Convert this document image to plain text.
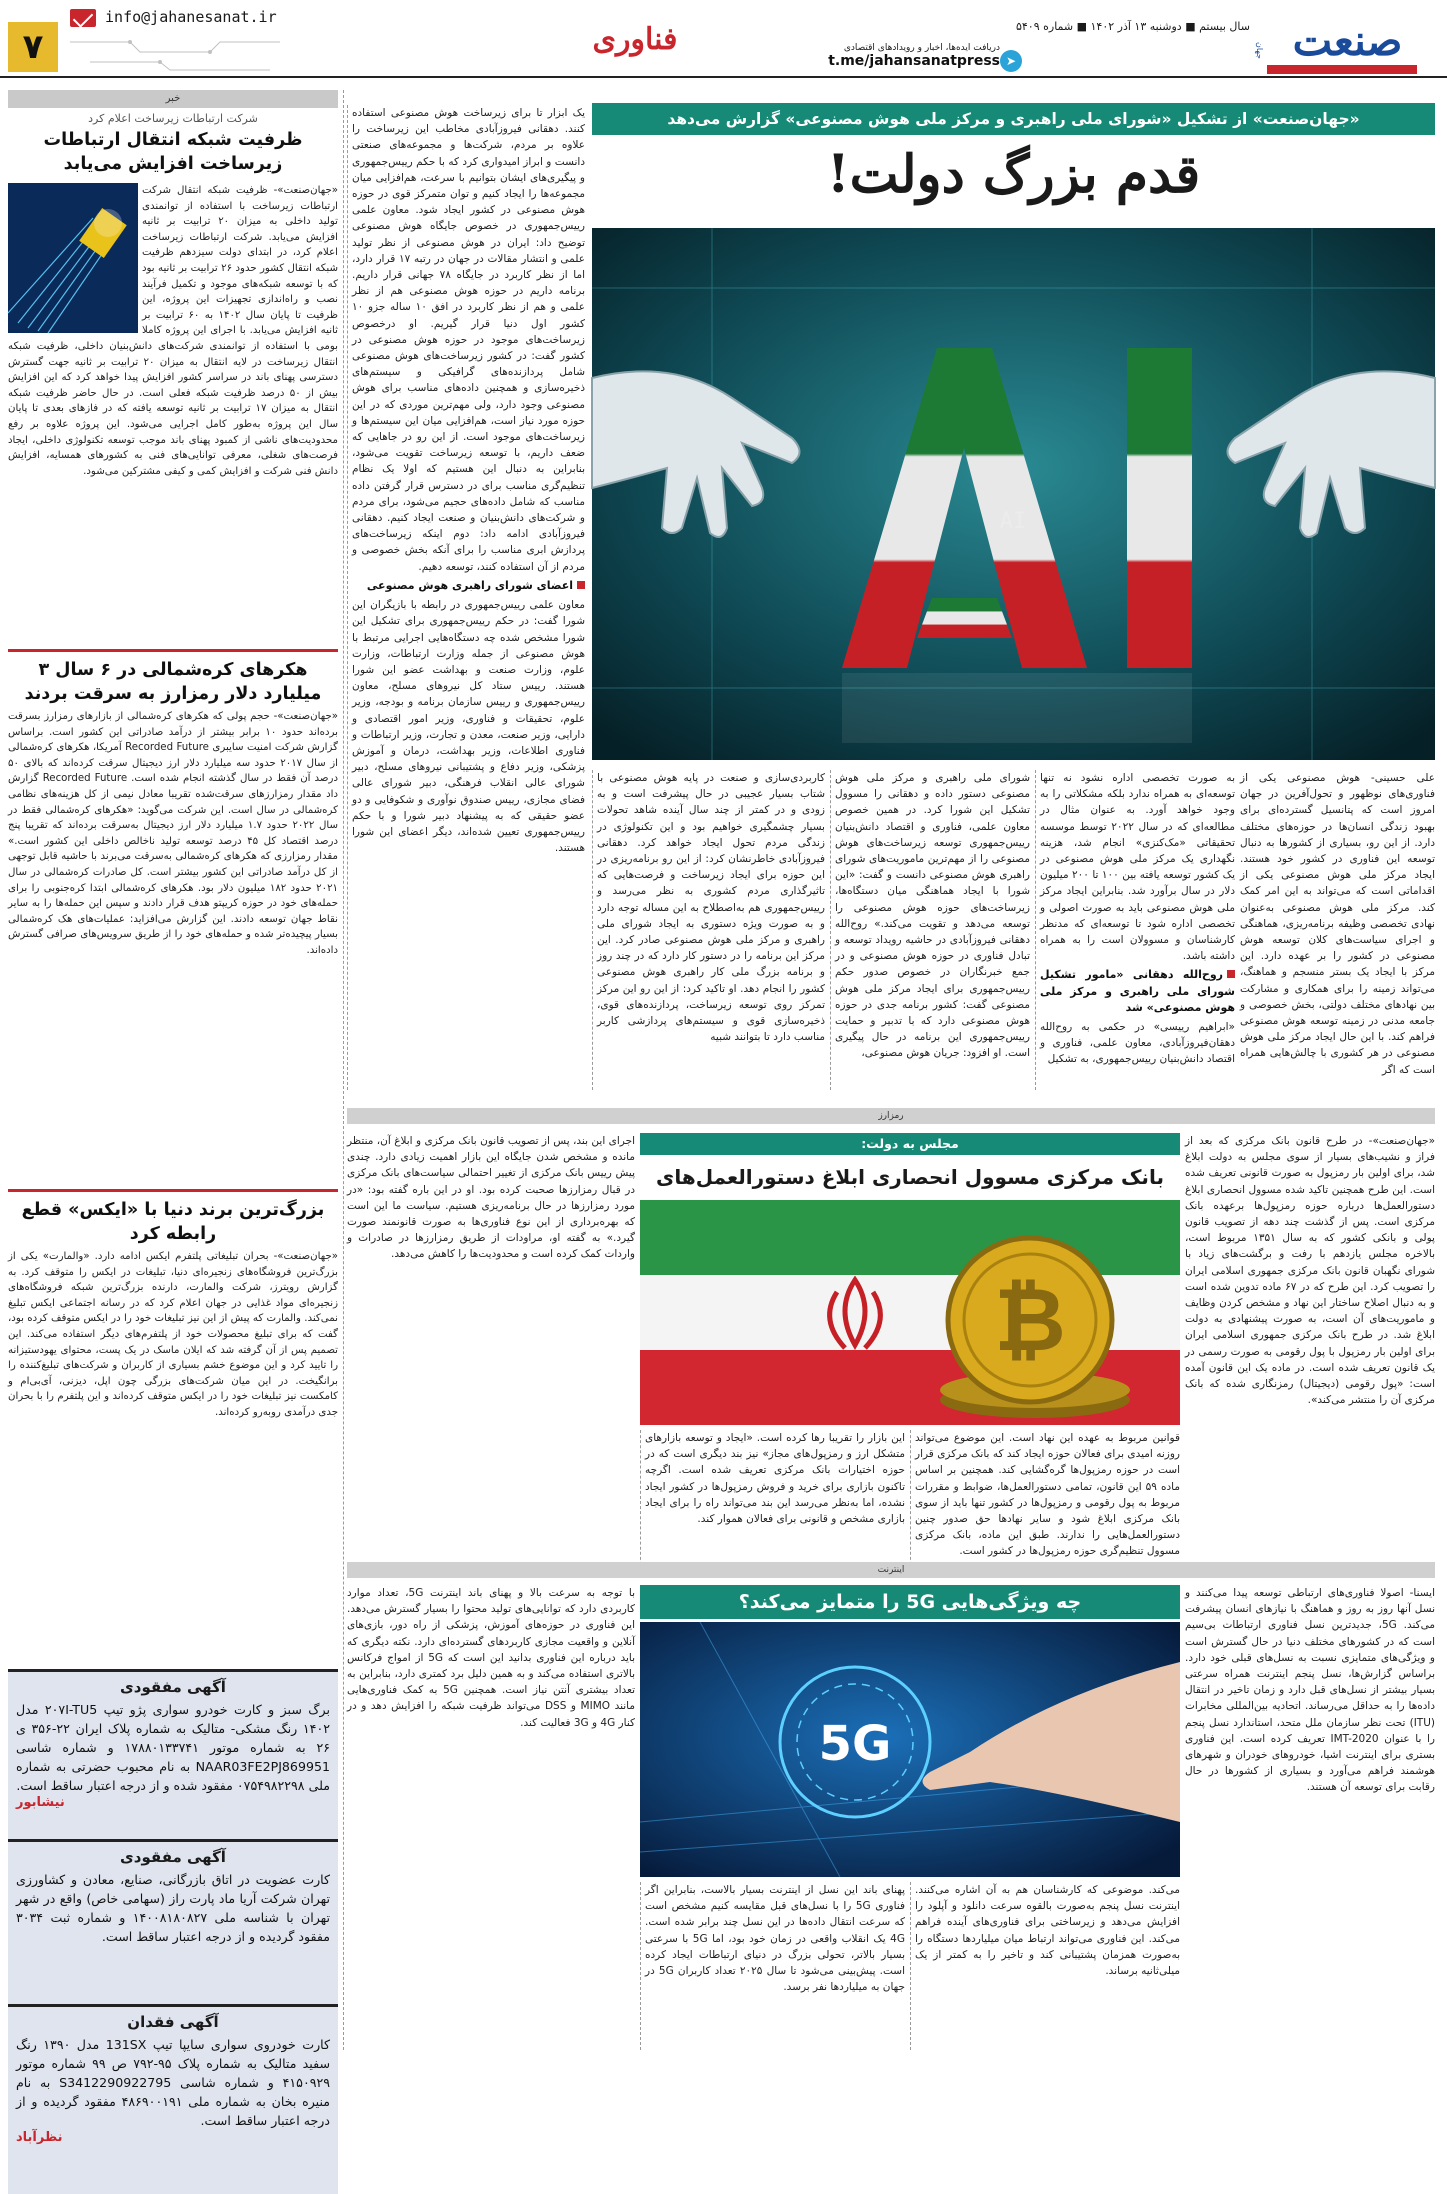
۷
info@jahanesanat.ir
فناوری	دریافت ایده‌ها، اخبار و رویدادهای اقتصادی
t.me/jahansanatpress ➤
سال بیستم ■ دوشنبه ۱۳ آذر ۱۴۰۲ ■ شماره ۵۴۰۹	صنعت
جهان
«جهان‌صنعت» از تشکیل «شورای ملی راهبری و مرکز ملی هوش مصنوعی» گزارش می‌دهد
قدم بزرگ دولت!
AI

علی حسینی- هوش مصنوعی یکی از فناوری‌های نوظهور و تحول‌آفرین در جهان امروز است که پتانسیل گسترده‌ای برای بهبود زندگی انسان‌ها در حوزه‌های مختلف دارد. از این رو، بسیاری از کشورها به دنبال توسعه این فناوری در کشور خود هستند. ایجاد مرکز ملی هوش مصنوعی یکی از اقداماتی است که می‌تواند به این امر کمک کند. مرکز ملی هوش مصنوعی به‌عنوان نهادی تخصصی وظیفه برنامه‌ریزی، هماهنگی و اجرای سیاست‌های کلان توسعه هوش مصنوعی در کشور را بر عهده دارد. این مرکز با ایجاد یک بستر منسجم و هماهنگ، می‌تواند زمینه را برای همکاری و مشارکت بین نهادهای مختلف دولتی، بخش خصوصی و جامعه مدنی در زمینه توسعه هوش مصنوعی فراهم کند. با این حال ایجاد مرکز ملی هوش مصنوعی در هر کشوری با چالش‌هایی همراه است که اگر

به صورت تخصصی اداره نشود نه تنها توسعه‌ای به همراه ندارد بلکه مشکلاتی را به وجود خواهد آورد. به عنوان مثال در مطالعه‌ای که در سال ۲۰۲۲ توسط موسسه تحقیقاتی «مک‌کنزی» انجام شد، هزینه نگهداری یک مرکز ملی هوش مصنوعی در یک کشور توسعه یافته بین ۱۰۰ تا ۲۰۰ میلیون دلار در سال برآورد شد. بنابراین ایجاد مرکز ملی هوش مصنوعی باید به صورت اصولی و تخصصی اداره شود تا توسعه‌ای که مدنظر کارشناسان و مسوولان است را به همراه داشته باشد.

روح‌الله دهقانی «مامور تشکیل شورای ملی راهبری و مرکز ملی هوش مصنوعی» شد

«ابراهیم رییسی» در حکمی به روح‌الله دهقان‌فیروزآبادی، معاون علمی، فناوری و اقتصاد دانش‌بنیان رییس‌جمهوری، به تشکیل

شورای ملی راهبری و مرکز ملی هوش مصنوعی دستور داده و دهقانی را مسوول تشکیل این شورا کرد. در همین خصوص معاون علمی، فناوری و اقتصاد دانش‌بنیان رییس‌جمهوری توسعه زیرساخت‌های هوش مصنوعی را از مهم‌ترین ماموریت‌های شورای راهبری هوش مصنوعی دانست و گفت: «این شورا با ایجاد هماهنگی میان دستگاه‌ها، زیرساخت‌های حوزه هوش مصنوعی را توسعه می‌دهد و تقویت می‌کند.» روح‌الله دهقانی فیروزآبادی در حاشیه رویداد توسعه و تبادل فناوری در حوزه هوش مصنوعی و در جمع خبرنگاران در خصوص صدور حکم رییس‌جمهوری برای ایجاد مرکز ملی هوش مصنوعی گفت: کشور برنامه جدی در حوزه هوش مصنوعی دارد که با تدبیر و حمایت رییس‌جمهوری این برنامه در حال پیگیری است. او افزود: جریان هوش مصنوعی،

کاربردی‌سازی و صنعت در پایه هوش مصنوعی با شتاب بسیار عجیبی در حال پیشرفت است و به زودی و در کمتر از چند سال آینده شاهد تحولات بسیار چشمگیری خواهیم بود و این تکنولوژی در زندگی مردم تحول ایجاد خواهد کرد. دهقانی فیروزآبادی خاطرنشان کرد: از این رو برنامه‌ریزی در این حوزه برای ایجاد زیرساخت و فرصت‌هایی که تاثیرگذاری مردم کشوری به نظر می‌رسد و رییس‌جمهوری هم به‌اصطلاح به این مساله توجه دارد و به صورت ویژه دستوری به ایجاد شورای ملی راهبری و مرکز ملی هوش مصنوعی صادر کرد. این مرکز این برنامه را در دستور کار دارد که در چند روز و برنامه بزرگ ملی کار راهبری هوش مصنوعی کشور را انجام دهد. او تاکید کرد: از این رو این مرکز تمرکز روی توسعه زیرساخت، پردازنده‌های قوی، ذخیره‌سازی قوی و سیستم‌های پردازشی کاربر مناسب دارد تا بتوانند شبیه

یک ابزار تا برای زیرساخت هوش مصنوعی استفاده کنند. دهقانی فیروزآبادی مخاطب این زیرساخت را علاوه بر مردم، شرکت‌ها و مجموعه‌های صنعتی دانست و ابراز امیدواری کرد که با حکم رییس‌جمهوری و پیگیری‌های ایشان بتوانیم با سرعت، هم‌افزایی میان مجموعه‌ها را ایجاد کنیم و توان متمرکز قوی در حوزه هوش مصنوعی در کشور ایجاد شود. معاون علمی رییس‌جمهوری در خصوص جایگاه هوش مصنوعی توضیح داد: ایران در هوش مصنوعی از نظر تولید علمی و انتشار مقالات در جهان در رتبه ۱۷ قرار دارد، اما از نظر کاربرد در جایگاه ۷۸ جهانی قرار داریم. برنامه داریم در حوزه هوش مصنوعی هم از نظر علمی و هم از نظر کاربرد در افق ۱۰ ساله جزو ۱۰ کشور اول دنیا قرار گیریم. او درخصوص زیرساخت‌های موجود در حوزه هوش مصنوعی در کشور گفت: در کشور زیرساخت‌های هوش مصنوعی شامل پردازنده‌های گرافیکی و سیستم‌های ذخیره‌سازی و همچنین داده‌های مناسب برای هوش مصنوعی وجود دارد، ولی مهم‌ترین موردی که در این حوزه مورد نیاز است، هم‌افزایی میان این سیستم‌ها و زیرساخت‌های موجود است. از این رو در جاهایی که ضعف داریم، با توسعه زیرساخت تقویت می‌شود، بنابراین به دنبال این هستیم که اولا یک نظام تنظیم‌گری مناسب برای در دسترس قرار گرفتن داده مناسب که شامل داده‌های حجیم می‌شود، برای مردم و شرکت‌های دانش‌بنیان و صنعت ایجاد کنیم. دهقانی فیروزآبادی ادامه داد: دوم اینکه زیرساخت‌های پردازش ابری مناسب را برای آنکه بخش خصوصی و مردم از آن استفاده کنند، توسعه دهیم.

اعضای شورای راهبری هوش مصنوعی

معاون علمی رییس‌جمهوری در رابطه با بازیگران این شورا گفت: در حکم رییس‌جمهوری برای تشکیل این شورا مشخص شده چه دستگاه‌هایی اجرایی مرتبط با هوش مصنوعی از جمله وزارت ارتباطات، وزارت علوم، وزارت صنعت و بهداشت عضو این شورا هستند. رییس ستاد کل نیروهای مسلح، معاون رییس‌جمهوری و رییس سازمان برنامه و بودجه، وزیر علوم، تحقیقات و فناوری، وزیر امور اقتصادی و دارایی، وزیر صنعت، معدن و تجارت، وزیر ارتباطات و فناوری اطلاعات، وزیر بهداشت، درمان و آموزش پزشکی، وزیر دفاع و پشتیبانی نیروهای مسلح، دبیر شورای عالی انقلاب فرهنگی، دبیر شورای عالی فضای مجازی، رییس صندوق نوآوری و شکوفایی و دو عضو حقیقی که به پیشنهاد دبیر شورا و با حکم رییس‌جمهوری تعیین شده‌اند، دیگر اعضای این شورا هستند.

خبر
شرکت ارتباطات زیرساخت اعلام کرد
ظرفیت شبکه انتقال ارتباطات زیرساخت افزایش می‌یابد

«جهان‌صنعت»- ظرفیت شبکه انتقال شرکت ارتباطات زیرساخت با استفاده از توانمندی تولید داخلی به میزان ۲۰ ترابیت بر ثانیه افزایش می‌یابد. شرکت ارتباطات زیرساخت اعلام کرد، در ابتدای دولت سیزدهم ظرفیت شبکه انتقال کشور حدود ۲۶ ترابیت بر ثانیه بود که با توسعه شبکه‌های موجود و تکمیل فرآیند نصب و راه‌اندازی تجهیزات این پروژه، این ظرفیت تا پایان سال ۱۴۰۲ به ۶۰ ترابیت بر ثانیه افزایش می‌یابد. با اجرای این پروژه کاملا بومی با استفاده از توانمندی شرکت‌های دانش‌بنیان داخلی، ظرفیت شبکه انتقال زیرساخت در لایه انتقال به میزان ۲۰ ترابیت بر ثانیه جهت گسترش دسترسی پهنای باند در سراسر کشور افزایش پیدا خواهد کرد که این افزایش بیش از ۵۰ درصد ظرفیت شبکه فعلی است. در حال حاضر ظرفیت شبکه انتقال به میزان ۱۷ ترابیت بر ثانیه توسعه یافته که در فازهای بعدی تا پایان سال این پروژه به‌طور کامل اجرایی می‌شود. این پروژه علاوه بر رفع محدودیت‌های ناشی از کمبود پهنای باند موجب توسعه تکنولوژی داخلی، ایجاد فرصت‌های شغلی، معرفی توانایی‌های فنی به کشورهای همسایه، افزایش دانش فنی شرکت و افزایش کمی و کیفی مشترکین می‌شود.

هکرهای کره‌شمالی در ۶ سال ۳ میلیارد دلار رمزارز به سرقت بردند

«جهان‌صنعت»- حجم پولی که هکرهای کره‌شمالی از بازارهای رمزارز بسرقت برده‌اند حدود ۱۰ برابر بیشتر از درآمد صادراتی این کشور است. براساس گزارش شرکت امنیت سایبری Recorded Future آمریکا، هکرهای کره‌شمالی از سال ۲۰۱۷ حدود سه میلیارد دلار ارز دیجیتال سرقت کرده‌اند که بالای ۵۰ درصد آن فقط در سال گذشته انجام شده است. Recorded Future گزارش داد مقدار رمزارزهای سرقت‌شده تقریبا معادل نیمی از کل هزینه‌های نظامی کره‌شمالی در سال است. این شرکت می‌گوید: «هکرهای کره‌شمالی فقط در سال ۲۰۲۲ حدود ۱.۷ میلیارد دلار ارز دیجیتال به‌سرقت برده‌اند که تقریبا پنج درصد اقتصاد کل ۴۵ درصد توسعه تولید ناخالص داخلی این کشور است.» مقدار رمزارزی که هکرهای کره‌شمالی به‌سرقت می‌برند با حاشیه قابل توجهی از کل درآمد صادراتی این کشور بیشتر است. کل صادرات کره‌شمالی در سال ۲۰۲۱ حدود ۱۸۲ میلیون دلار بود. هکرهای کره‌شمالی ابتدا کره‌جنوبی را برای حمله‌های خود در حوزه کریپتو هدف قرار دادند و سپس این حمله‌ها را به سایر نقاط جهان توسعه دادند. این گزارش می‌افزاید: عملیات‌های هک کره‌شمالی بسیار پیچیده‌تر شده و حمله‌های خود را از طریق سرویس‌های صرافی گسترش داده‌اند.

بزرگ‌ترین برند دنیا با «ایکس» قطع رابطه کرد

«جهان‌صنعت»- بحران تبلیغاتی پلتفرم ایکس ادامه دارد. «والمارت» یکی از بزرگ‌ترین فروشگاه‌های زنجیره‌ای دنیا، تبلیغات در ایکس را متوقف کرد. به گزارش رویترز، شرکت والمارت، دارنده بزرگ‌ترین شبکه فروشگاه‌های زنجیره‌ای مواد غذایی در جهان اعلام کرد که در رسانه اجتماعی ایکس تبلیغ نمی‌کند. والمارت که پیش از این نیز تبلیغات خود را در ایکس متوقف کرده بود، گفت که برای تبلیغ محصولات خود از پلتفرم‌های دیگر استفاده می‌کند. این تصمیم پس از آن گرفته شد که ایلان ماسک در یک پست، محتوای یهودستیزانه را تایید کرد و این موضوع خشم بسیاری از کاربران و شرکت‌های تبلیغ‌کننده را برانگیخت. در این میان شرکت‌های بزرگی چون اپل، دیزنی، آی‌بی‌ام و کامکست نیز تبلیغات خود را در ایکس متوقف کرده‌اند و این پلتفرم را با بحران جدی درآمدی روبه‌رو کرده‌اند.

آگهی مفقودی
برگ سبز و کارت خودرو سواری پژو تیپ ۲۰۷I-TU5 مدل ۱۴۰۲ رنگ مشکی- متالیک به شماره پلاک ایران ۲۲-۳۵۶ ی ۲۶ به شماره موتور ۱۷۸۸۰۱۳۳۷۴۱ و شماره شاسی NAAR03FE2PJ869951 به نام محبوب حضرتی به شماره ملی ۰۷۵۴۹۸۲۲۹۸ مفقود شده و از درجه اعتبار ساقط است.
نیشابور
آگهی مفقودی
کارت عضویت در اتاق بازرگانی، صنایع، معادن و کشاورزی تهران شرکت آریا ماد پارت راز (سهامی خاص) واقع در شهر تهران با شناسه ملی ۱۴۰۰۸۱۸۰۸۲۷ و شماره ثبت ۳۰۳۴ مفقود گردیده و از درجه اعتبار ساقط است.
آگهی فقدان
کارت خودروی سواری سایپا تیپ 131SX مدل ۱۳۹۰ رنگ سفید متالیک به شماره پلاک ۹۵-۷۹۲ ص ۹۹ شماره موتور ۴۱۵۰۹۲۹ و شماره شاسی S3412290922795 به نام منیره بخان به شماره ملی ۴۸۶۹۰۰۱۹۱ مفقود گردیده و از درجه اعتبار ساقط است.
نظرآباد
رمزارز
مجلس به دولت:
بانک مرکزی مسوول انحصاری ابلاغ دستورالعمل‌های
₿

«جهان‌صنعت»- در طرح قانون بانک مرکزی که بعد از فراز و نشیب‌های بسیار از سوی مجلس به دولت ابلاغ شد، برای اولین بار رمزپول به صورت قانونی تعریف شده است. این طرح همچنین تاکید شده مسوول انحصاری ابلاغ دستورالعمل‌ها درباره حوزه رمزپول‌ها برعهده بانک مرکزی است. پس از گذشت چند دهه از تصویب قانون پولی و بانکی کشور که به سال ۱۳۵۱ مربوط است، بالاخره مجلس یازدهم با رفت و برگشت‌های زیاد با شورای نگهبان قانون بانک مرکزی جمهوری اسلامی ایران را تصویب کرد. این طرح که در ۶۷ ماده تدوین شده است و به دنبال اصلاح ساختار این نهاد و مشخص کردن وظایف و ماموریت‌های آن است، به صورت پیشنهادی به دولت ابلاغ شد. در طرح بانک مرکزی جمهوری اسلامی ایران برای اولین بار رمزپول با پول رقومی به صورت رسمی در یک قانون تعریف شده است. در ماده یک این قانون آمده است: «پول رقومی (دیجیتال) رمزنگاری شده که بانک مرکزی آن را منتشر می‌کند».

قوانین مربوط به عهده این نهاد است. این موضوع می‌تواند روزنه امیدی برای فعالان حوزه ایجاد کند که بانک مرکزی قرار است در حوزه رمزپول‌ها گره‌گشایی کند. همچنین بر اساس ماده ۵۹ این قانون، تمامی دستورالعمل‌ها، ضوابط و مقررات مربوط به پول رقومی و رمزپول‌ها در کشور تنها باید از سوی بانک مرکزی ابلاغ شود و سایر نهادها حق صدور چنین دستورالعمل‌هایی را ندارند. طبق این ماده، بانک مرکزی مسوول تنظیم‌گری حوزه رمزپول‌ها در کشور است.

این بازار را تقریبا رها کرده است. «ایجاد و توسعه بازارهای متشکل ارز و رمزپول‌های مجاز» نیز بند دیگری است که در حوزه اختیارات بانک مرکزی تعریف شده است. اگرچه تاکنون بازاری برای خرید و فروش رمزپول‌ها در کشور ایجاد نشده، اما به‌نظر می‌رسد این بند می‌تواند راه را برای ایجاد بازاری مشخص و قانونی برای فعالان هموار کند.

اجرای این بند، پس از تصویب قانون بانک مرکزی و ابلاغ آن، منتظر مانده و مشخص شدن جایگاه این بازار اهمیت زیادی دارد. چندی پیش رییس بانک مرکزی از تغییر احتمالی سیاست‌های بانک مرکزی در قبال رمزارزها صحبت کرده بود. او در این باره گفته بود: «در مورد رمزارزها در حال برنامه‌ریزی هستیم. سیاست ما این است که بهره‌برداری از این نوع فناوری‌ها به صورت قانونمند صورت گیرد.» به گفته او، مراودات از طریق رمزارزها در صادرات و واردات کمک کرده است و محدودیت‌ها را کاهش می‌دهد.

اینترنت
چه ویژگی‌هایی 5G را متمایز می‌کند؟
5G

ایسنا- اصولا فناوری‌های ارتباطی توسعه پیدا می‌کنند و نسل آنها روز به روز و هماهنگ با نیازهای انسان پیشرفت می‌کند. 5G، جدیدترین نسل فناوری ارتباطات بی‌سیم است که در کشورهای مختلف دنیا در حال گسترش است و ویژگی‌های متمایزی نسبت به نسل‌های قبلی خود دارد. براساس گزارش‌ها، نسل پنجم اینترنت همراه سرعتی بسیار بیشتر از نسل‌های قبل دارد و زمان تاخیر در انتقال داده‌ها را به حداقل می‌رساند. اتحادیه بین‌المللی مخابرات (ITU) تحت نظر سازمان ملل متحد، استاندارد نسل پنجم را با عنوان IMT-2020 تعریف کرده است. این فناوری بستری برای اینترنت اشیا، خودروهای خودران و شهرهای هوشمند فراهم می‌آورد و بسیاری از کشورها در حال رقابت برای توسعه آن هستند.

می‌کند. موضوعی که کارشناسان هم به آن اشاره می‌کنند. اینترنت نسل پنجم به‌صورت بالقوه سرعت دانلود و آپلود را افزایش می‌دهد و زیرساختی برای فناوری‌های آینده فراهم می‌کند. این فناوری می‌تواند ارتباط میان میلیاردها دستگاه را به‌صورت همزمان پشتیبانی کند و تاخیر را به کمتر از یک میلی‌ثانیه برساند.

پهنای باند این نسل از اینترنت بسیار بالاست، بنابراین اگر فناوری 5G را با نسل‌های قبل مقایسه کنیم مشخص است که سرعت انتقال داده‌ها در این نسل چند برابر شده است. 4G یک انقلاب واقعی در زمان خود بود، اما 5G با سرعتی بسیار بالاتر، تحولی بزرگ در دنیای ارتباطات ایجاد کرده است. پیش‌بینی می‌شود تا سال ۲۰۲۵ تعداد کاربران 5G در جهان به میلیاردها نفر برسد.

با توجه به سرعت بالا و پهنای باند اینترنت 5G، تعداد موارد کاربردی دارد که توانایی‌های تولید محتوا را بسیار گسترش می‌دهد. این فناوری در حوزه‌های آموزش، پزشکی از راه دور، بازی‌های آنلاین و واقعیت مجازی کاربردهای گسترده‌ای دارد. نکته دیگری که باید درباره این فناوری بدانید این است که 5G از امواج فرکانس بالاتری استفاده می‌کند و به همین دلیل برد کمتری دارد، بنابراین به تعداد بیشتری آنتن نیاز است. همچنین 5G به کمک فناوری‌هایی مانند MIMO و DSS می‌تواند ظرفیت شبکه را افزایش دهد و در کنار 4G و 3G فعالیت کند.
